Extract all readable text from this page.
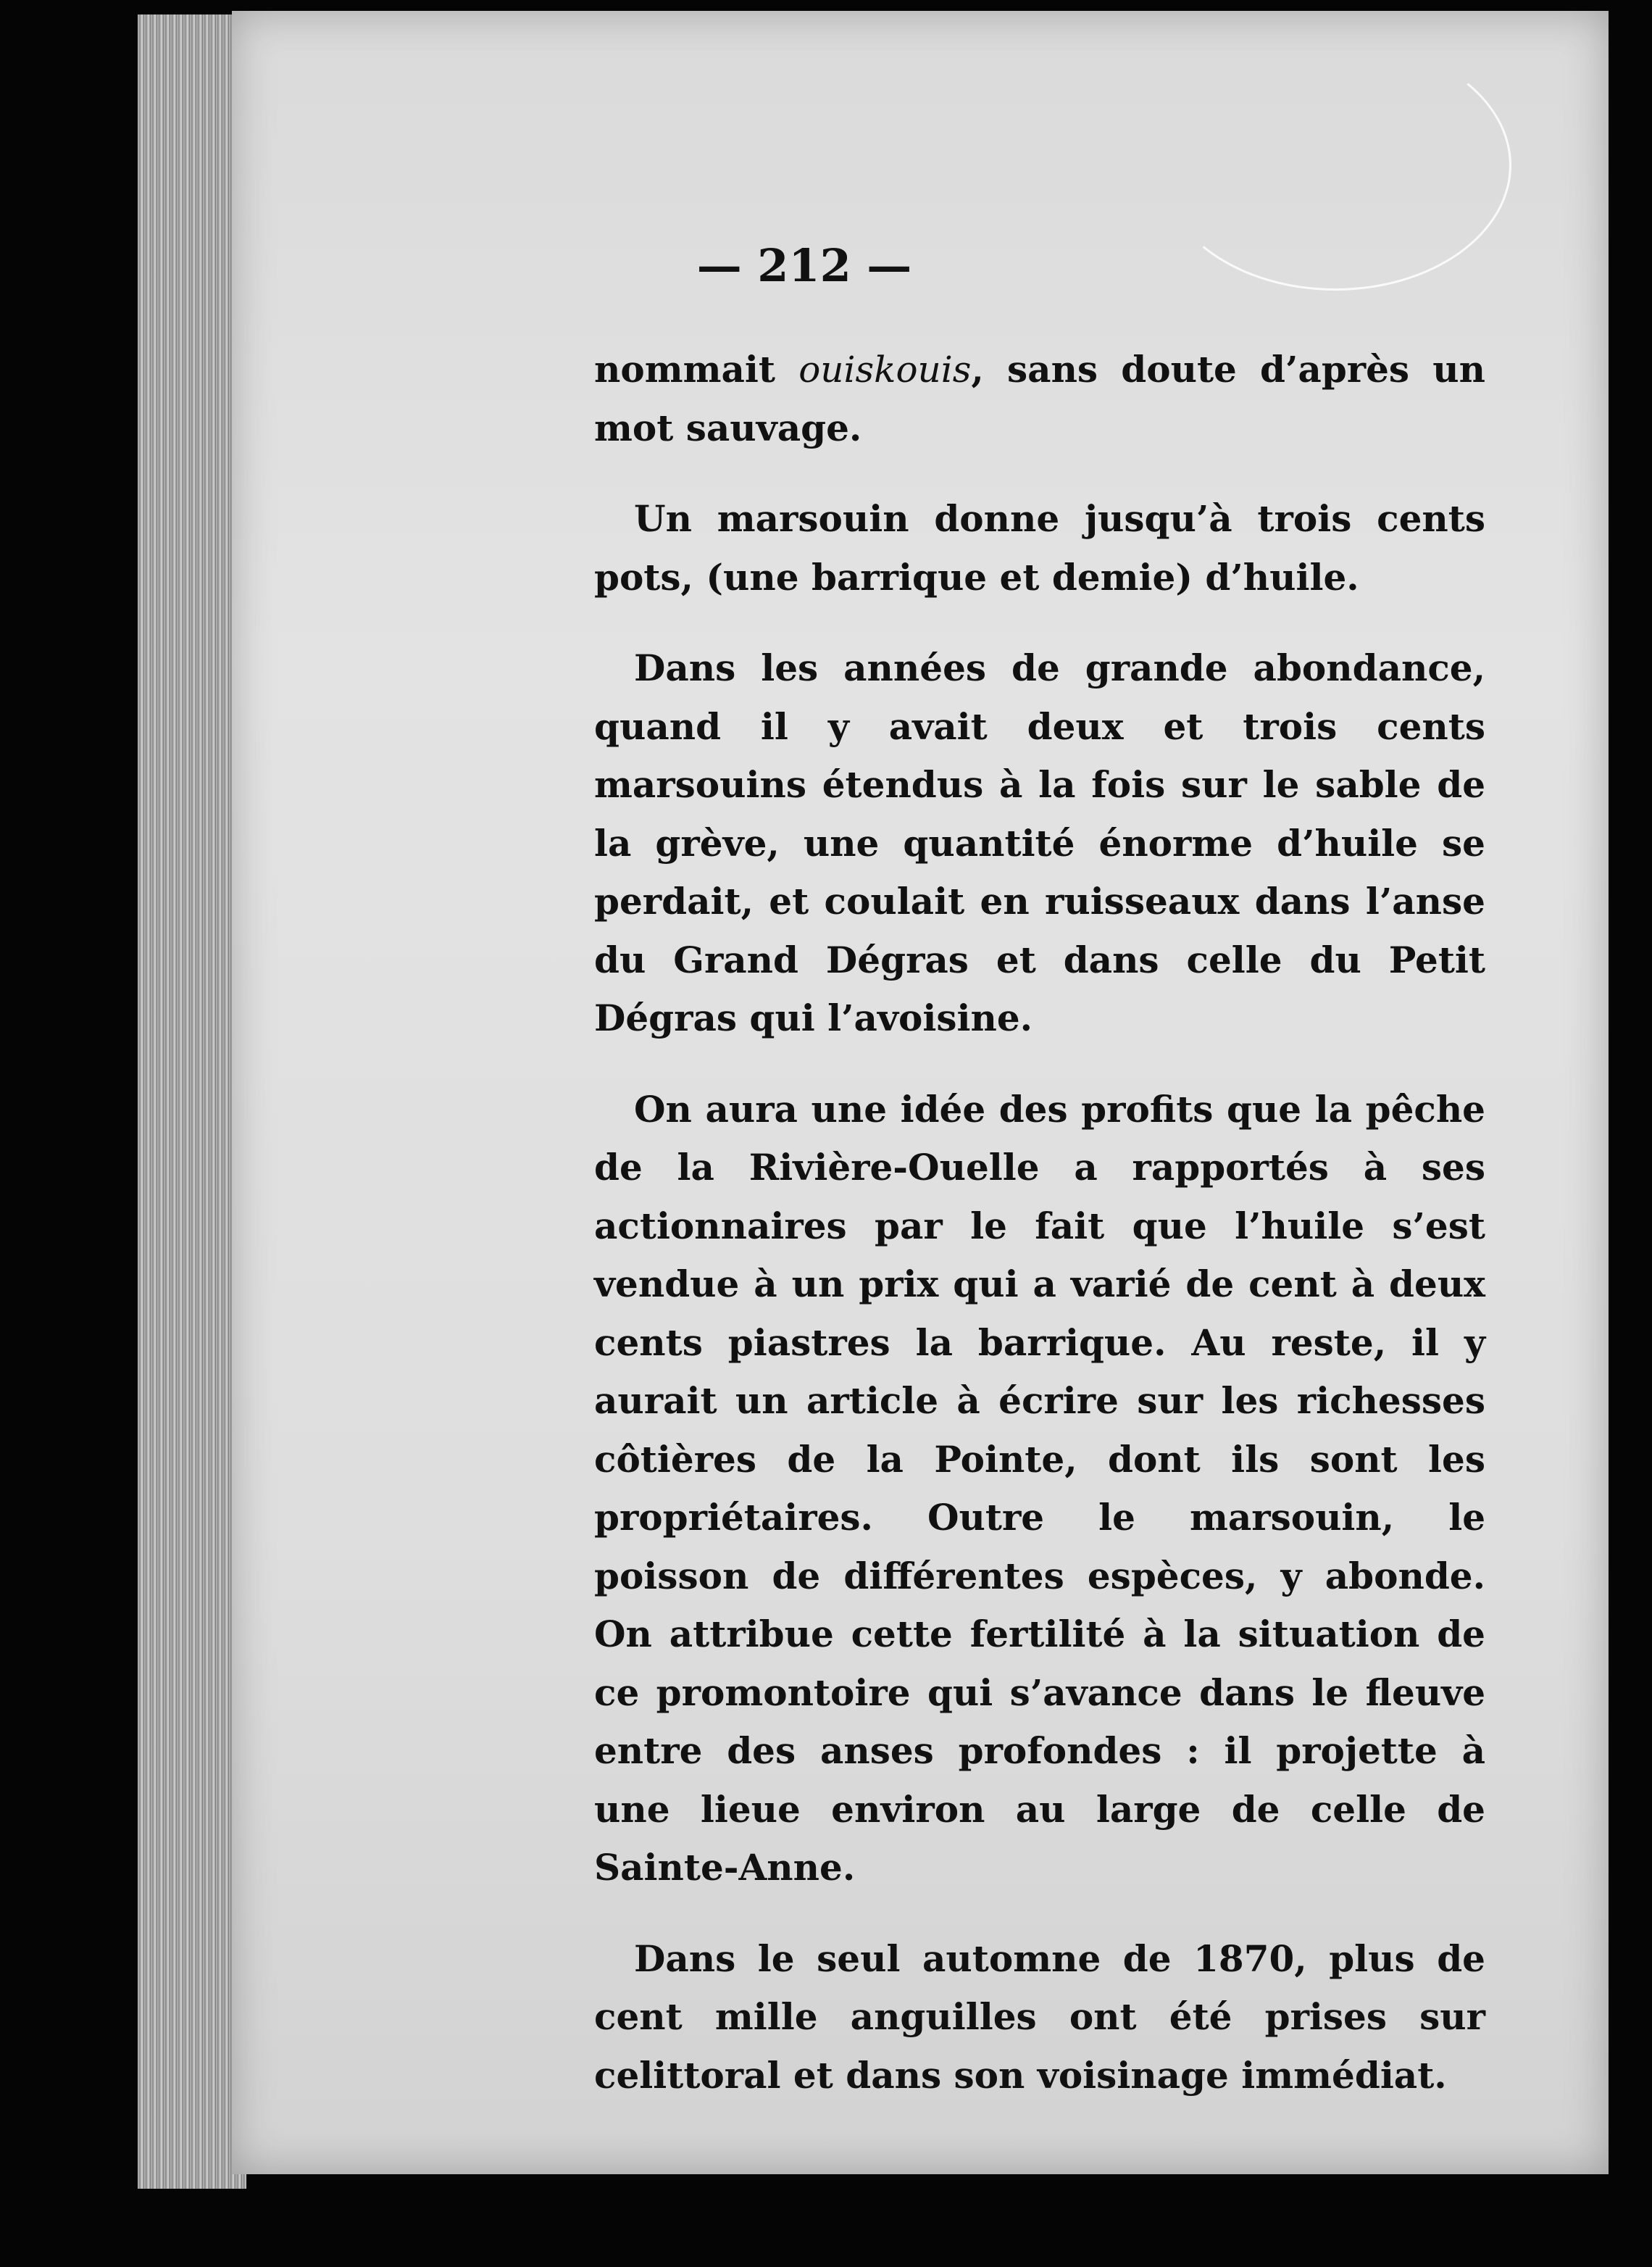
— 212 —

nommait ouiskouis, sans doute d’après un mot sauvage.

Un marsouin donne jusqu’à trois cents pots, (une barrique et demie) d’huile.

Dans les années de grande abondance, quand il y avait deux et trois cents marsouins étendus à la fois sur le sable de la grève, une quantité énorme d’huile se perdait, et coulait en ruisseaux dans l’anse du Grand Dégras et dans celle du Petit Dégras qui l’avoisine.

On aura une idée des profits que la pêche de la Rivière-Ouelle a rapportés à ses actionnaires par le fait que l’huile s’est vendue à un prix qui a varié de cent à deux cents piastres la barrique. Au reste, il y aurait un article à écrire sur les richesses côtières de la Pointe, dont ils sont les propriétaires. Outre le marsouin, le poisson de différentes espèces, y abonde. On attribue cette fertilité à la situation de ce promontoire qui s’avance dans le fleuve entre des anses profondes : il projette à une lieue environ au large de celle de Sainte-Anne.

Dans le seul automne de 1870, plus de cent mille anguilles ont été prises sur celittoral et dans son voisinage immédiat.
